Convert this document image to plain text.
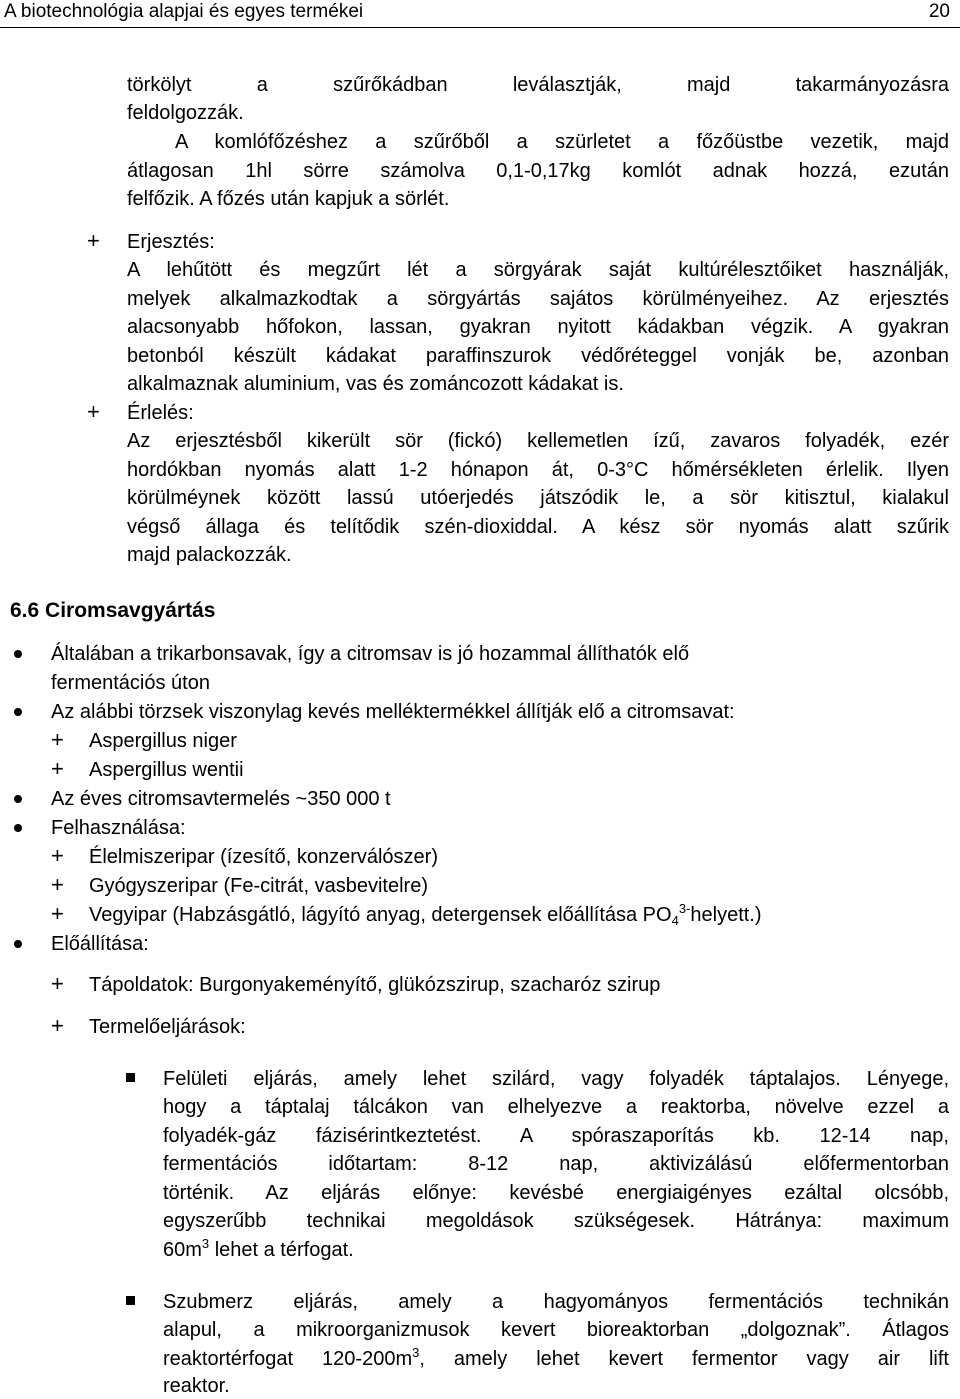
A biotechnológia alapjai és egyes termékei	20
törkölyt a szűrőkádban leválasztják, majd takarmányozásra
feldolgozzák.
A komlófőzéshez a szűrőből a szürletet a főzőüstbe vezetik, majd
átlagosan 1hl sörre számolva 0,1-0,17kg komlót adnak hozzá, ezután
felfőzik. A főzés után kapjuk a sörlét.
+ Erjesztés:
A lehűtött és megzűrt lét a sörgyárak saját kultúrélesztőiket használják,
melyek alkalmazkodtak a sörgyártás sajátos körülményeihez. Az erjesztés
alacsonyabb hőfokon, lassan, gyakran nyitott kádakban végzik. A gyakran
betonból készült kádakat paraffinszurok védőréteggel vonják be, azonban
alkalmaznak aluminium, vas és zománcozott kádakat is.
+ Érlelés:
Az erjesztésből kikerült sör (fickó) kellemetlen ízű, zavaros folyadék, ezér
hordókban nyomás alatt 1-2 hónapon át, 0-3°C hőmérsékleten érlelik. Ilyen
körülméynek között lassú utóerjedés játszódik le, a sör kitisztul, kialakul
végső állaga és telítődik szén-dioxiddal. A kész sör nyomás alatt szűrik
majd palackozzák.
6.6 Ciromsavgyártás
Általában a trikarbonsavak, így a citromsav is jó hozammal állíthatók elő
fermentációs úton
Az alábbi törzsek viszonylag kevés melléktermékkel állítják elő a citromsavat:
+ Aspergillus niger
+ Aspergillus wentii
Az éves citromsavtermelés ~350 000 t
Felhasználása:
+ Élelmiszeripar (ízesítő, konzerválószer)
+ Gyógyszeripar (Fe-citrát, vasbevitelre)
+ Vegyipar (Habzásgátló, lágyító anyag, detergensek előállítása $PO_4^{3-}helyett$.)
Előállítása:
+ Tápoldatok: Burgonyakeményítő, glükózszirup, szacharóz szirup
+ Termelőeljárások:
Felületi eljárás, amely lehet szilárd, vagy folyadék táptalajos. Lényege,
hogy a táptalaj tálcákon van elhelyezve a reaktorba, növelve ezzel a
folyadék-gáz fázisérintkeztetést. A spóraszaporítás kb. 12-14 nap,
fermentációs időtartam: 8-12 nap, aktivizálású előfermentorban
történik. Az eljárás előnye: kevésbé energiaigényes ezáltal olcsóbb,
egyszerűbb technikai megoldások szükségesek. Hátránya: maximum
$60m^3$ lehet a térfogat.
Szubmerz eljárás, amely a hagyományos fermentációs technikán
alapul, a mikroorganizmusok kevert bioreaktorban „dolgoznak”. Átlagos
reaktortérfogat $120-200m^3$, amely lehet kevert fermentor vagy air lift
reaktor.
